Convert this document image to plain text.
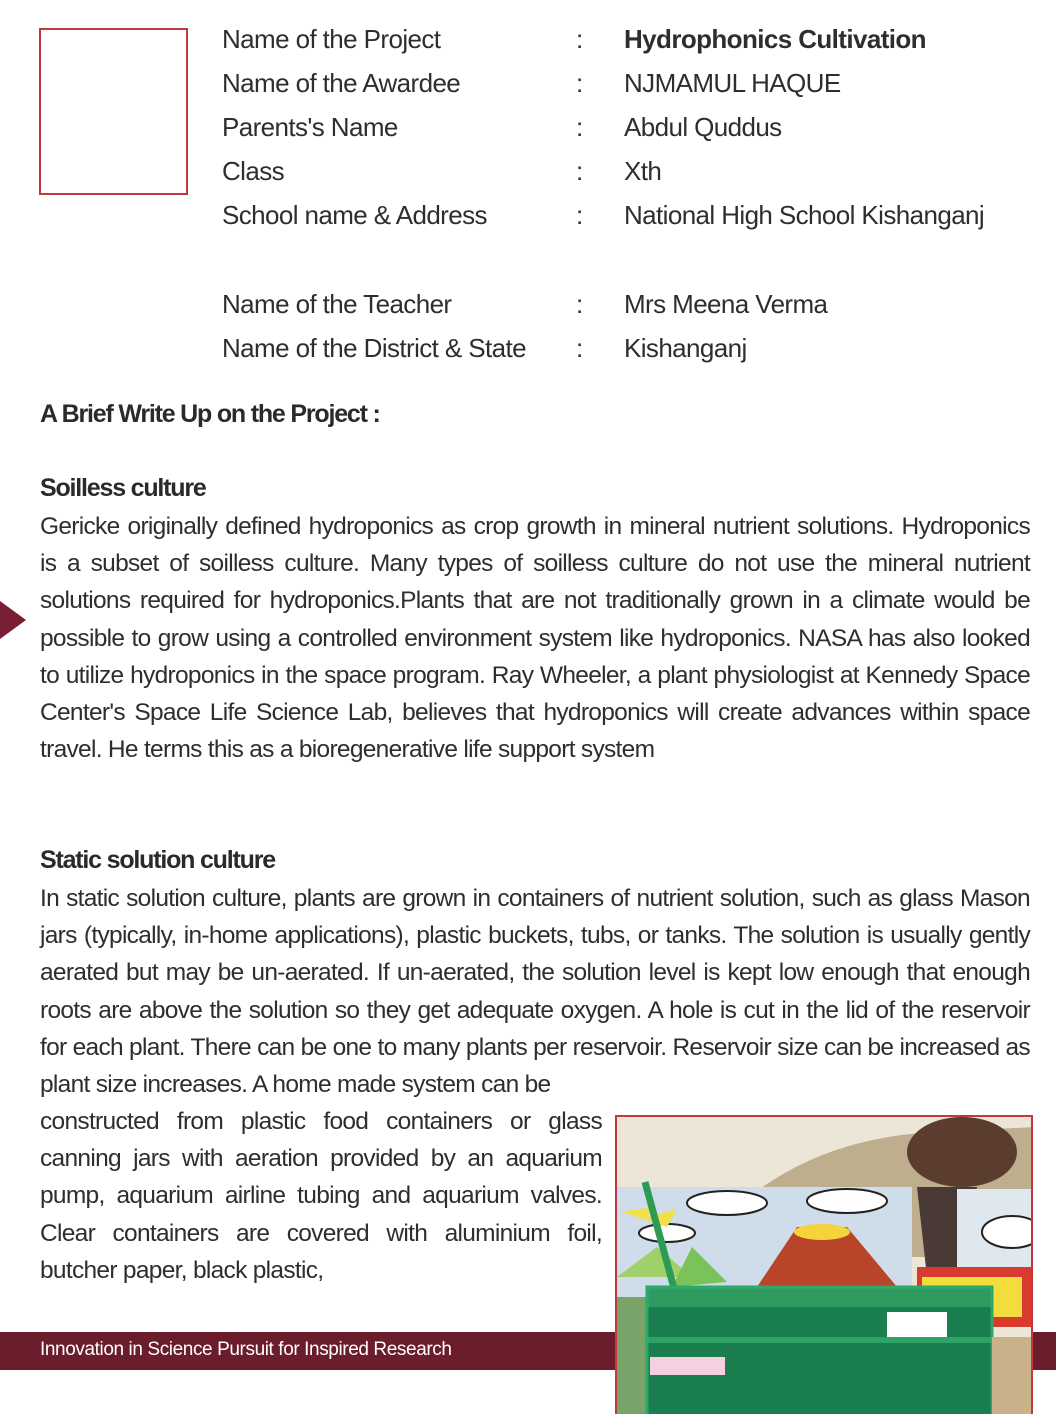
Name of the Project	: Hydrophonics Cultivation
Name of the Awardee	: NJMAMUL HAQUE
Parents's Name	: Abdul Quddus
Class	: Xth
School name & Address	: National High School Kishanganj
Name of the Teacher	: Mrs Meena Verma
Name of the District & State : Kishanganj
A Brief Write Up on the Project :
Soilless culture
Gericke originally defined hydroponics as crop growth in mineral nutrient solutions. Hydroponics is a subset of soilless culture. Many types of soilless culture do not use the mineral nutrient solutions required for hydroponics.Plants that are not traditionally grown in a climate would be possible to grow using a controlled environment system like hydroponics. NASA has also looked to utilize hydroponics in the space program. Ray Wheeler, a plant physiologist at Kennedy Space Center's Space Life Science Lab, believes that hydroponics will create advances within space travel. He terms this as a bioregenerative life support system
Static solution culture
In static solution culture, plants are grown in containers of nutrient solution, such as glass Mason jars (typically, in-home applications), plastic buckets, tubs, or tanks. The solution is usually gently aerated but may be un-aerated. If un-aerated, the solution level is kept low enough that enough roots are above the solution so they get adequate oxygen. A hole is cut in the lid of the reservoir for each plant. There can be one to many plants per reservoir. Reservoir size can be increased as plant size increases. A home made system can be
constructed from plastic food containers or glass canning jars with aeration provided by an aquarium pump, aquarium airline tubing and aquarium valves. Clear containers are covered with aluminium foil, butcher paper, black plastic,
Innovation in Science Pursuit for Inspired Research
